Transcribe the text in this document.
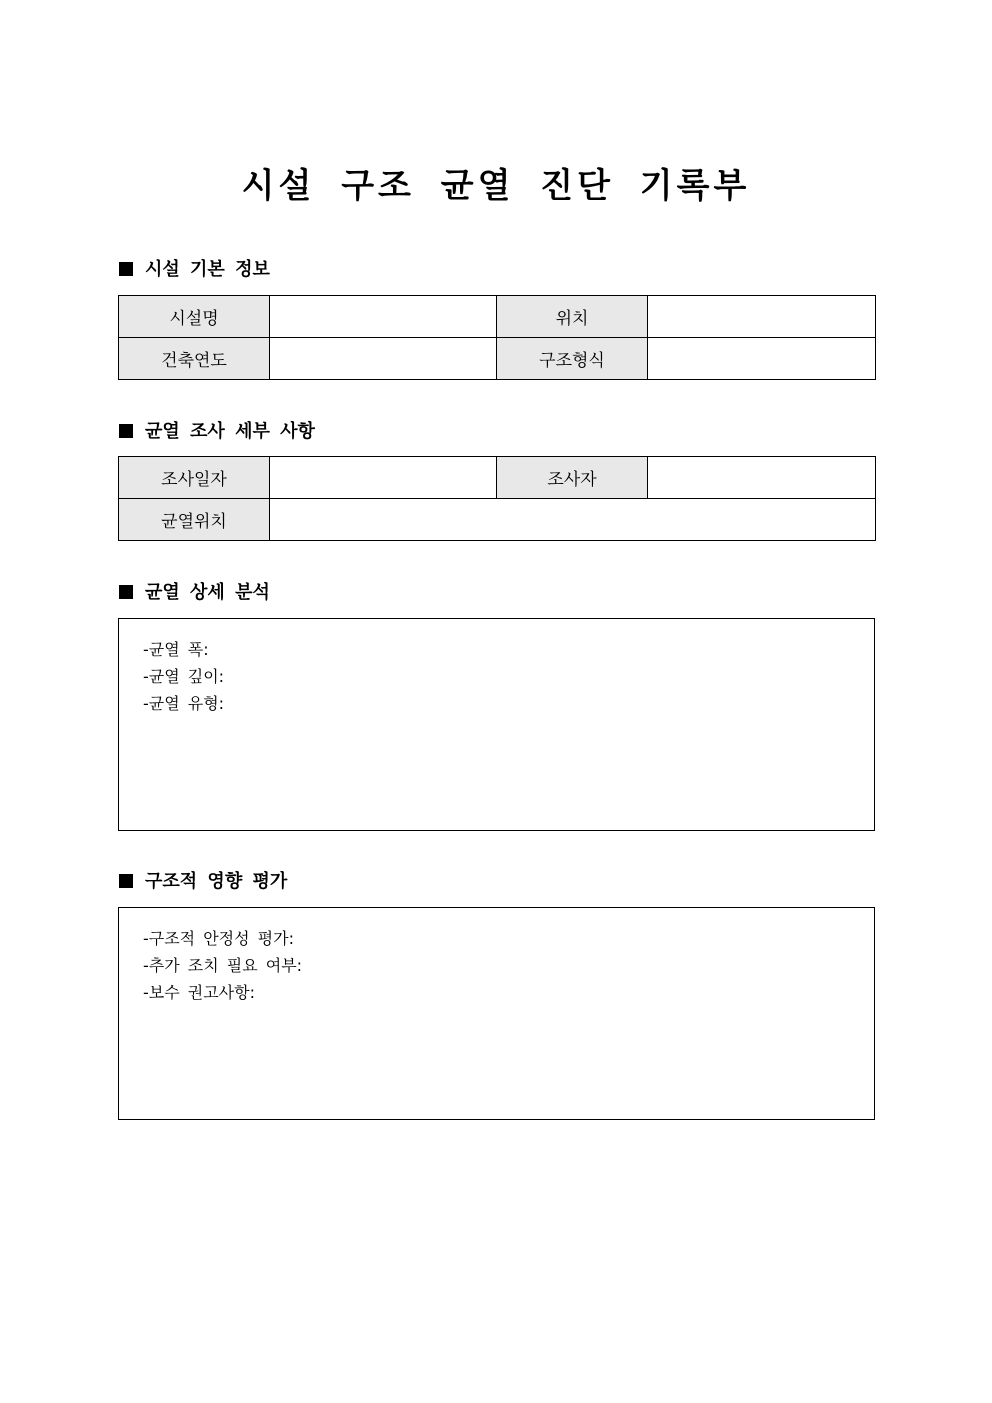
시설 구조 균열 진단 기록부
시설 기본 정보
시설명		위치	
건축연도		구조형식	
균열 조사 세부 사항
조사일자		조사자	
균열위치			
균열 상세 분석
-균열 폭:
-균열 깊이:
-균열 유형:
구조적 영향 평가
-구조적 안정성 평가:
-추가 조치 필요 여부:
-보수 권고사항:
